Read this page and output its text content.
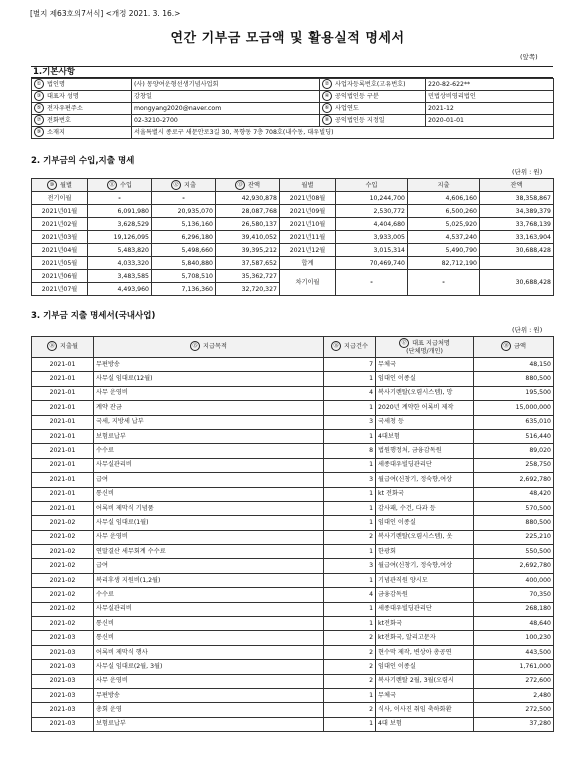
[별지 제63호의7서식] <개정 2021. 3. 16.>
연간 기부금 모금액 및 활용실적 명세서
(앞쪽)
1.기본사항
① 법인명	(사) 몽양여운형선생기념사업회	② 사업자등록번호(고유번호)	220-82-622**
③ 대표자 성명	강창일	④ 공익법인등 구분	민법상비영리법인
⑤ 전자우편주소	mongyang2020@naver.com	⑥ 사업연도	2021-12
⑦ 전화번호	02-3210-2700	⑧ 공익법인등 지정일	2020-01-01
⑨ 소재지	서울특별시 종로구 새문안로3길 30, 목향동 7층 708호(내수동, 대우빌딩)		
2. 기부금의 수입,지출 명세
(단위 : 원)
⑩ 월별	⑪ 수입	⑫ 지출	⑬ 잔액	월별	수입	지출	잔액
전기이월	-	-	42,930,878	2021년08월	10,244,700	4,606,160	38,358,867
2021년01월	6,091,980	20,935,070	28,087,768	2021년09월	2,530,772	6,500,260	34,389,379
2021년02월	3,628,529	5,136,160	26,580,137	2021년10월	4,404,680	5,025,920	33,768,139
2021년03월	19,126,095	6,296,180	39,410,052	2021년11월	3,933,005	4,537,240	33,163,904
2021년04월	5,483,820	5,498,660	39,395,212	2021년12월	3,015,314	5,490,790	30,688,428
2021년05월	4,033,320	5,840,880	37,587,652	합계	70,469,740	82,712,190	
2021년06월	3,483,585	5,708,510	35,362,727	차기이월	-	-	30,688,428
2021년07월	4,493,960	7,136,360	32,720,327				
3. 기부금 지출 명세서(국내사업)
(단위 : 원)
⑭ 지출월	⑮ 지급목적	⑯ 지급건수	⑰ 대표 지급처명
(단체명/개인)	⑱ 금액
2021-01	무편방송	7	무체국	48,150
2021-01	사무실 임대료(12월)	1	임대인 이종실	880,500
2021-01	사무 운영비	4	복사기렌탈(오렴시스템), 망	195,500
2021-01	계약 잔금	1	2020년 계약한 어록비 제작	15,000,000
2021-01	국세, 지방세 납부	3	국세청 등	635,010
2021-01	보험료납부	1	4대보험	516,440
2021-01	수수료	8	법원행정처, 금융감독원	89,020
2021-01	사무실관리비	1	세종대우빌딩관리단	258,750
2021-01	급여	3	월급여(신창기, 정숙향,여상	2,692,780
2021-01	통신비	1	kt 전화국	48,420
2021-01	어록비 제막식 기념품	1	감사패, 수건, 다과 등	570,500
2021-02	사무실 임대료(1월)	1	임대인 이종실	880,500
2021-02	사무 운영비	2	복사기렌탈(오렴시스템), 옷	225,210
2021-02	연말결산 세무회계 수수료	1	한광회	550,500
2021-02	급여	3	월급여(신창기, 정숙향,여상	2,692,780
2021-02	복리후생 지원비(1,2월)	1	기념관직원 양시모	400,000
2021-02	수수료	4	금융감독원	70,350
2021-02	사무실관리비	1	세종대우빌딩관리단	268,180
2021-02	통신비	1	kt전화국	48,640
2021-03	통신비	2	kt전화국, 알리고문자	100,230
2021-03	어록비 제막식 행사	2	현수막 제작, 변상아 총공연	443,500
2021-03	사무실 임대료(2월, 3월)	2	임대인 이종실	1,761,000
2021-03	사무 운영비	2	복사기렌탈 2월, 3월(오렴시	272,600
2021-03	무편방송	1	무체국	2,480
2021-03	총회 운영	2	식사, 이사진 취임 축하화환	272,500
2021-03	보험료납부	1	4대 보험	37,280
